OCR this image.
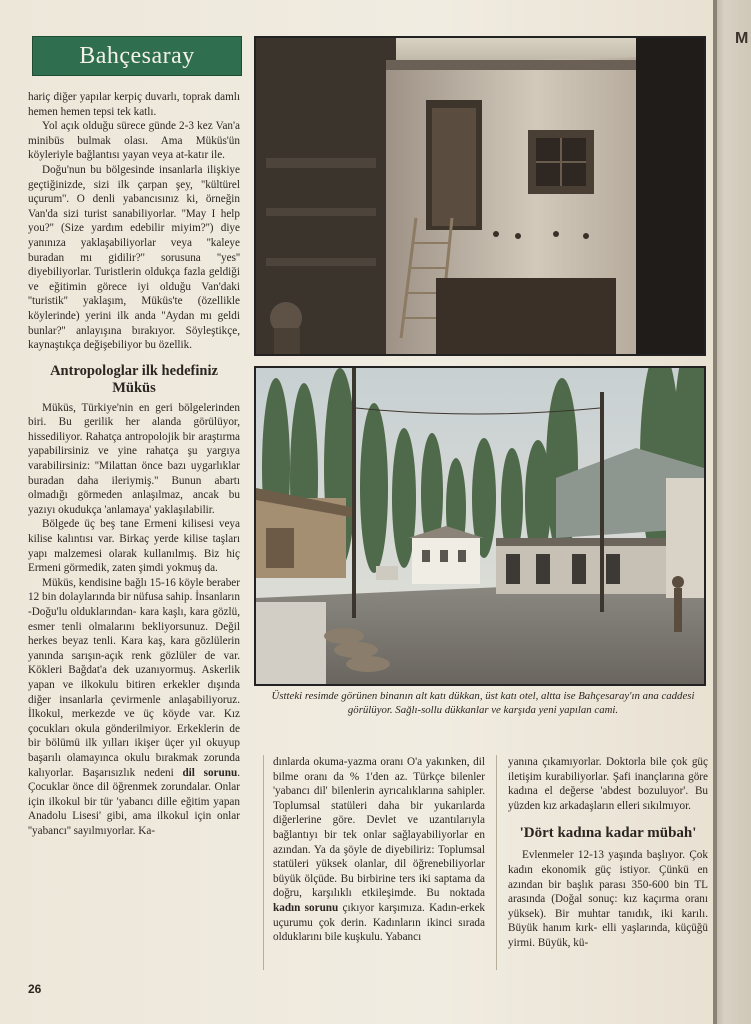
M
Bahçesaray

hariç diğer yapılar kerpiç duvarlı, toprak damlı hemen hemen tepsi tek katlı.

Yol açık olduğu sürece günde 2-3 kez Van'a minibüs bulmak olası. Ama Müküs'ün köyleriyle bağlantısı yayan veya at-katır ile.

Doğu'nun bu bölgesinde insanlarla ilişkiye geçtiğinizde, sizi ilk çarpan şey, ''kültürel uçurum''. O denli yabancısınız ki, örneğin Van'da sizi turist sanabiliyorlar. ''May I help you?'' (Size yardım edebilir miyim?'') diye yanınıza yaklaşabiliyorlar veya ''kaleye buradan mı gidilir?'' sorusuna ''yes'' diyebiliyorlar. Turistlerin oldukça fazla geldiği ve eğitimin görece iyi olduğu Van'daki ''turistik'' yaklaşım, Müküs'te (özellikle köylerinde) yerini ilk anda ''Aydan mı geldi bunlar?'' anlayışına bırakıyor. Söyleştikçe, kaynaştıkça değişebiliyor bu özellik.

Antropologlar ilk hedefiniz Müküs

Müküs, Türkiye'nin en geri bölgelerinden biri. Bu gerilik her alanda görülüyor, hissediliyor. Rahatça antropolojik bir araştırma yapabilirsiniz ve yine rahatça şu yargıya varabilirsiniz: ''Milattan önce bazı uygarlıklar buradan daha ileriymiş.'' Bunun abartı olmadığı görmeden anlaşılmaz, ancak bu yazıyı okudukça 'anlamaya' yaklaşılabilir.

Bölgede üç beş tane Ermeni kilisesi veya kilise kalıntısı var. Birkaç yerde kilise taşları yapı malzemesi olarak kullanılmış. Biz hiç Ermeni görmedik, zaten şimdi yokmuş da.

Müküs, kendisine bağlı 15-16 köyle beraber 12 bin dolaylarında bir nüfusa sahip. İnsanların -Doğu'lu olduklarından- kara kaşlı, kara gözlü, esmer tenli olmalarını bekliyorsunuz. Değil herkes beyaz tenli. Kara kaş, kara gözlülerin yanında sarışın-açık renk gözlüler de var. Kökleri Bağdat'a dek uzanıyormuş. Askerlik yapan ve ilkokulu bitiren erkekler dışında diğer insanlarla çevirmenle anlaşabiliyoruz. İlkokul, merkezde ve üç köyde var. Kız çocukları okula gönderilmiyor. Erkeklerin de bir bölümü ilk yılları ikişer üçer yıl okuyup başarılı olamayınca okulu bırakmak zorunda kalıyorlar. Başarısızlık nedeni dil sorunu. Çocuklar önce dil öğrenmek zorundalar. Onlar için ilkokul bir tür 'yabancı dille eğitim yapan Anadolu Lisesi' gibi, ama ilkokul için onlar ''yabancı'' sayılmıyorlar. Ka-

Üstteki resimde görünen binanın alt katı dükkan, üst katı otel, altta ise Bahçesaray'ın ana caddesi görülüyor. Sağlı-sollu dükkanlar ve karşıda yeni yapılan cami.

dınlarda okuma-yazma oranı O'a yakınken, dil bilme oranı da % 1'den az. Türkçe bilenler 'yabancı dil' bilenlerin ayrıcalıklarına sahipler. Toplumsal statüleri daha bir yukarılarda diğerlerine göre. Devlet ve uzantılarıyla bağlantıyı bir tek onlar sağlayabiliyorlar en azından. Ya da şöyle de diyebiliriz: Toplumsal statüleri yüksek olanlar, dil öğrenebiliyorlar büyük ölçüde. Bu birbirine ters iki saptama da doğru, karşılıklı etkileşimde. Bu noktada kadın sorunu çıkıyor karşımıza. Kadın-erkek uçurumu çok derin. Kadınların ikinci sırada olduklarını bile kuşkulu. Yabancı

yanına çıkamıyorlar. Doktorla bile çok güç iletişim kurabiliyorlar. Şafi inançlarına göre kadına el değerse 'abdest bozuluyor'. Bu yüzden kız arkadaşların elleri sıkılmıyor.

'Dört kadına kadar mübah'

Evlenmeler 12-13 yaşında başlıyor. Çok kadın ekonomik güç istiyor. Çünkü en azından bir başlık parası 350-600 bin TL arasında (Doğal sonuç: kız kaçırma oranı yüksek). Bir muhtar tanıdık, iki karılı. Büyük hanım kırk- elli yaşlarında, küçüğü yirmi. Büyük, kü-

26
